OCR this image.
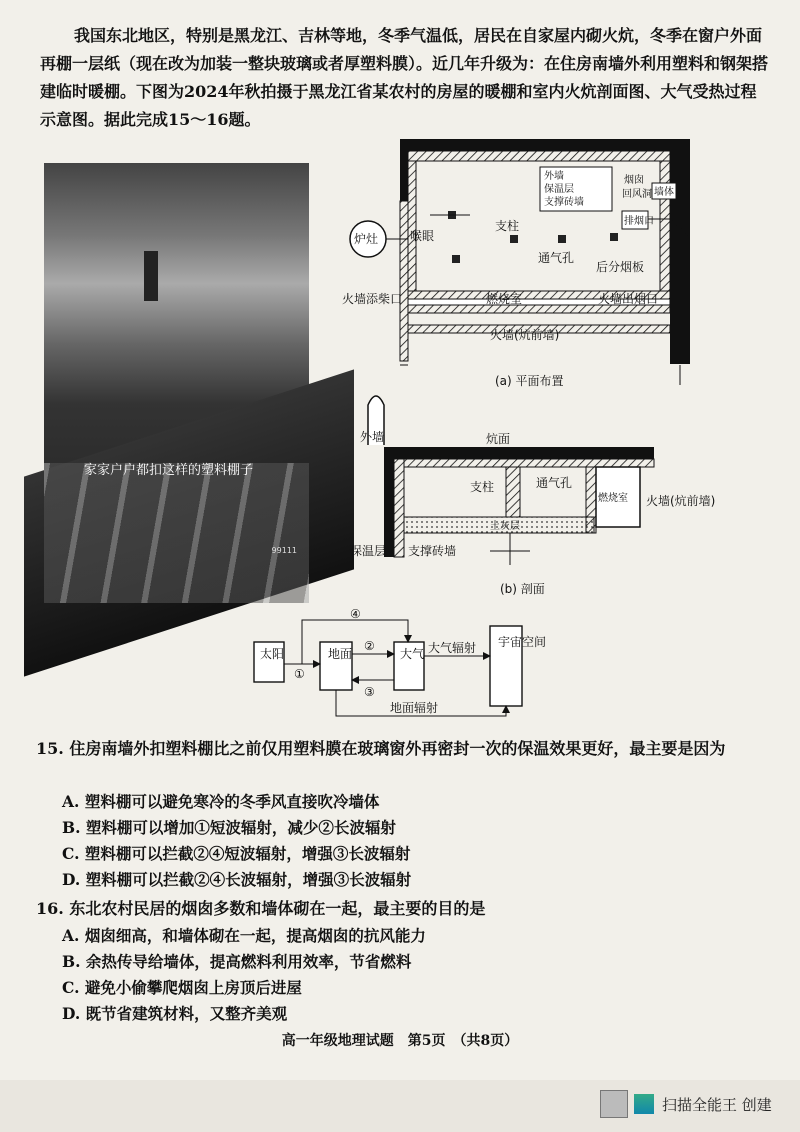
我国东北地区，特别是黑龙江、吉林等地，冬季气温低，居民在自家屋内砌火炕，冬季在窗户外面再棚一层纸（现在改为加装一整块玻璃或者厚塑料膜）。近几年升级为：在住房南墙外利用塑料和钢架搭建临时暖棚。下图为2024年秋拍摄于黑龙江省某农村的房屋的暖棚和室内火炕剖面图、大气受热过程示意图。据此完成15～16题。
家家户户都扣这样的塑料棚子
99111
外墙
保温层
支撑砖墙
炉灶	喉眼
支柱
通气孔
后分烟板
烟囱
回风洞 墙体
排烟口
火墙添柴口	燃烧室	火墙出烟口
火墙(炕前墙)
(a) 平面布置
外墙	炕面
支柱	通气孔
燃烧室 火墙(炕前墙)
土灰层
保温层 支撑砖墙
(b) 剖面
太阳	地面	大气
宇宙空间
①
②
③
④
大气辐射
地面辐射
15. 住房南墙外扣塑料棚比之前仅用塑料膜在玻璃窗外再密封一次的保温效果更好，最主要是因为
A. 塑料棚可以避免寒冷的冬季风直接吹冷墙体
B. 塑料棚可以增加①短波辐射，减少②长波辐射
C. 塑料棚可以拦截②④短波辐射，增强③长波辐射
D. 塑料棚可以拦截②④长波辐射，增强③长波辐射
16. 东北农村民居的烟囱多数和墙体砌在一起，最主要的目的是
A. 烟囱细高，和墙体砌在一起，提高烟囱的抗风能力
B. 余热传导给墙体，提高燃料利用效率，节省燃料
C. 避免小偷攀爬烟囱上房顶后进屋
D. 既节省建筑材料，又整齐美观
高一年级地理试题　第5页　（共8页）
扫描全能王 创建
